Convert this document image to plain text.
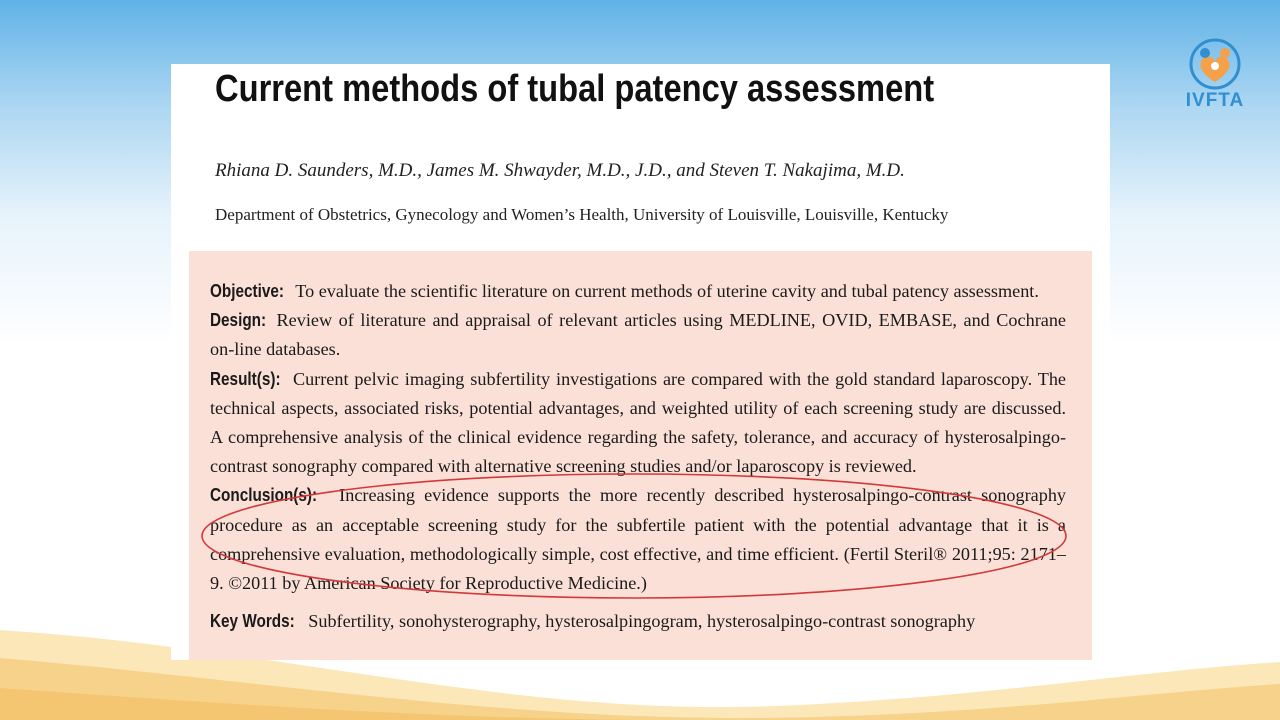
IVFTA
Current methods of tubal patency assessment
Rhiana D. Saunders, M.D., James M. Shwayder, M.D., J.D., and Steven T. Nakajima, M.D.
Department of Obstetrics, Gynecology and Women’s Health, University of Louisville, Louisville, Kentucky

Objective: To evaluate the scientific literature on current methods of uterine cavity and tubal patency assessment.

Design: Review of literature and appraisal of relevant articles using MEDLINE, OVID, EMBASE, and Cochrane on-line databases.

Result(s): Current pelvic imaging subfertility investigations are compared with the gold standard laparoscopy. The technical aspects, associated risks, potential advantages, and weighted utility of each screening study are discussed. A comprehensive analysis of the clinical evidence regarding the safety, tolerance, and accuracy of hysterosalpingo-contrast sonography compared with alternative screening studies and/or laparoscopy is reviewed.

Conclusion(s): Increasing evidence supports the more recently described hysterosalpingo-contrast sonography procedure as an acceptable screening study for the subfertile patient with the potential advantage that it is a comprehensive evaluation, methodologically simple, cost effective, and time efficient. (Fertil Steril® 2011;95: 2171–9. ©2011 by American Society for Reproductive Medicine.)

Key Words: Subfertility, sonohysterography, hysterosalpingogram, hysterosalpingo-contrast sonography
